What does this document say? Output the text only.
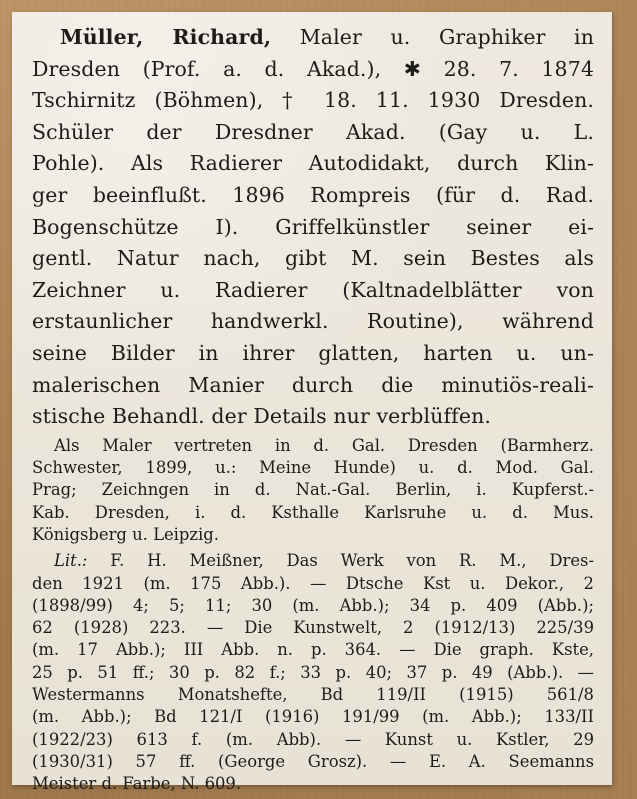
Müller, Richard, Maler u. Graphiker in
Dresden (Prof. a. d. Akad.), ✱ 28. 7. 1874
Tschirnitz (Böhmen), † 18. 11. 1930 Dresden.
Schüler der Dresdner Akad. (Gay u. L.
Pohle). Als Radierer Autodidakt, durch Klin-
ger beeinflußt. 1896 Rompreis (für d. Rad.
Bogenschütze I). Griffelkünstler seiner ei-
gentl. Natur nach, gibt M. sein Bestes als
Zeichner u. Radierer (Kaltnadelblätter von
erstaunlicher handwerkl. Routine), während
seine Bilder in ihrer glatten, harten u. un-
malerischen Manier durch die minutiös-reali-
stische Behandl. der Details nur verblüffen.

Als Maler vertreten in d. Gal. Dresden (Barmherz.
Schwester, 1899, u.: Meine Hunde) u. d. Mod. Gal.
Prag; Zeichngen in d. Nat.-Gal. Berlin, i. Kupferst.-
Kab. Dresden, i. d. Ksthalle Karlsruhe u. d. Mus.
Königsberg u. Leipzig.

Lit.: F. H. Meißner, Das Werk von R. M., Dres-
den 1921 (m. 175 Abb.). — Dtsche Kst u. Dekor., 2
(1898/99) 4; 5; 11; 30 (m. Abb.); 34 p. 409 (Abb.);
62 (1928) 223. — Die Kunstwelt, 2 (1912/13) 225/39
(m. 17 Abb.); III Abb. n. p. 364. — Die graph. Kste,
25 p. 51 ff.; 30 p. 82 f.; 33 p. 40; 37 p. 49 (Abb.). —
Westermanns Monatshefte, Bd 119/II (1915) 561/8
(m. Abb.); Bd 121/I (1916) 191/99 (m. Abb.); 133/II
(1922/23) 613 f. (m. Abb). — Kunst u. Kstler, 29
(1930/31) 57 ff. (George Grosz). — E. A. Seemanns
Meister d. Farbe, N. 609.
